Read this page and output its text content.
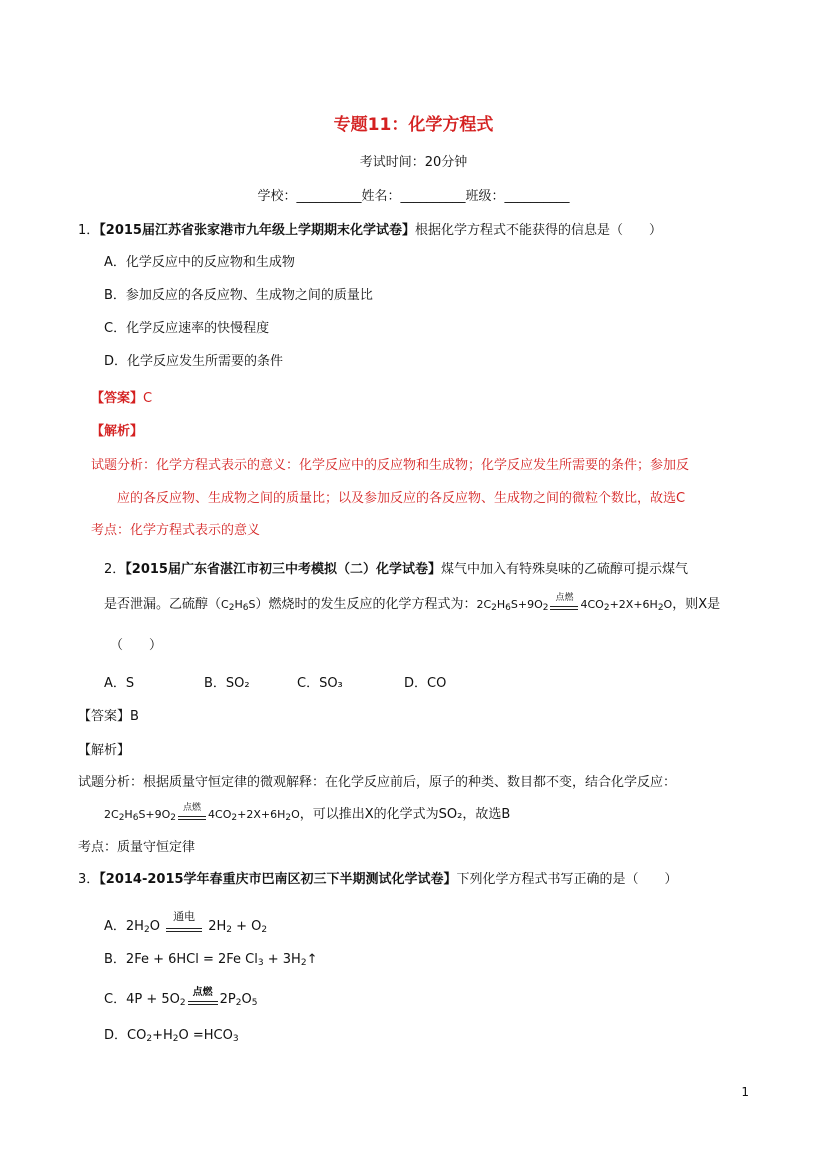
专题11：化学方程式
考试时间：20分钟
学校：__________姓名：__________班级：__________
1．【2015届江苏省张家港市九年级上学期期末化学试卷】根据化学方程式不能获得的信息是（　　）
A．化学反应中的反应物和生成物
B．参加反应的各反应物、生成物之间的质量比
C．化学反应速率的快慢程度
D．化学反应发生所需要的条件
【答案】C
【解析】
试题分析：化学方程式表示的意义：化学反应中的反应物和生成物；化学反应发生所需要的条件；参加反
应的各反应物、生成物之间的质量比；以及参加反应的各反应物、生成物之间的微粒个数比，故选C
考点：化学方程式表示的意义
2．【2015届广东省湛江市初三中考模拟（二）化学试卷】煤气中加入有特殊臭味的乙硫醇可提示煤气
是否泄漏。乙硫醇$(C_2H_6S)$燃烧时的发生反应的化学方程式为：$2C_2H_6S+9O_2$
点燃 $4CO_2+2X+6H_2O$，则X是
（　　）
A．S	B．SO₂	C．SO₃	D．CO
【答案】B
【解析】
试题分析：根据质量守恒定律的微观解释：在化学反应前后，原子的种类、数目都不变，结合化学反应：
$2C_2H_6S+9O_2$
点燃 $4CO_2+2X+6H_2O$，可以推出X的化学式为SO₂，故选B
考点：质量守恒定律
3．【2014-2015学年春重庆市巴南区初三下半期测试化学试卷】下列化学方程式书写正确的是（　　）
A．$2H_2O$
通电
$2H_2 + O_2$
B．2Fe + 6HCl = 2Fe $Cl_3$ + $3H_2↑$
C．$4P + 5O_2$
点燃 $2P_2O_5$
D．$CO_2+H_2O =HCO_3$
1
